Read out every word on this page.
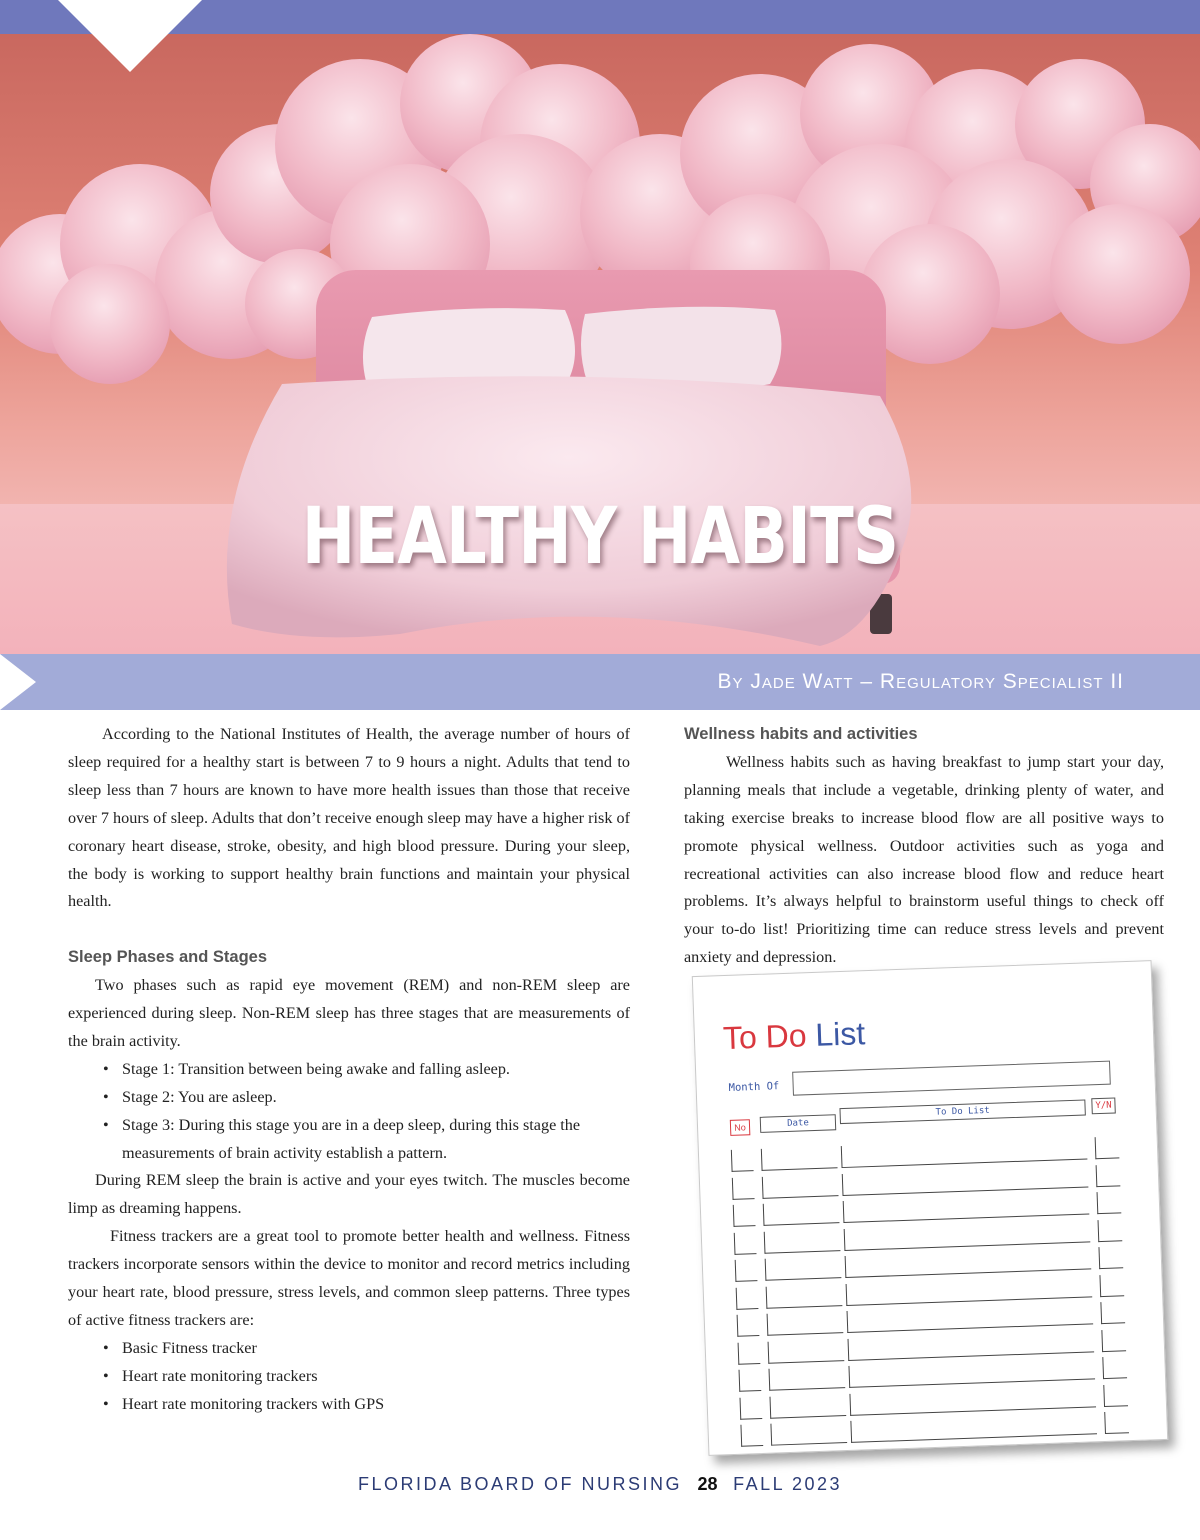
HEALTHY HABITS
By Jade Watt – Regulatory Specialist II

According to the National Institutes of Health, the average number of hours of sleep required for a healthy start is between 7 to 9 hours a night. Adults that tend to sleep less than 7 hours are known to have more health issues than those that receive over 7 hours of sleep. Adults that don’t receive enough sleep may have a higher risk of coronary heart disease, stroke, obesity, and high blood pressure. During your sleep, the body is working to support healthy brain functions and maintain your physical health.

Sleep Phases and Stages

Two phases such as rapid eye movement (REM) and non-REM sleep are experienced during sleep. Non-REM sleep has three stages that are measurements of the brain activity.

• Stage 1: Transition between being awake and falling asleep.
• Stage 2: You are asleep.
• Stage 3: During this stage you are in a deep sleep, during this stage the measurements of brain activity establish a pattern.

During REM sleep the brain is active and your eyes twitch. The muscles become limp as dreaming happens.

Fitness trackers are a great tool to promote better health and wellness. Fitness trackers incorporate sensors within the device to monitor and record metrics including your heart rate, blood pressure, stress levels, and common sleep patterns. Three types of active fitness trackers are:

• Basic Fitness tracker
• Heart rate monitoring trackers
• Heart rate monitoring trackers with GPS

Wellness habits and activities

Wellness habits such as having breakfast to jump start your day, planning meals that include a vegetable, drinking plenty of water, and taking exercise breaks to increase blood flow are all positive ways to promote physical wellness. Outdoor activities such as yoga and recreational activities can also increase blood flow and reduce heart problems. It’s always helpful to brainstorm useful things to check off your to-do list! Prioritizing time can reduce stress levels and prevent anxiety and depression.

To Do List
Month Of
No	Date
To Do List	Y/N
FLORIDA BOARD OF NURSING 28 FALL 2023
